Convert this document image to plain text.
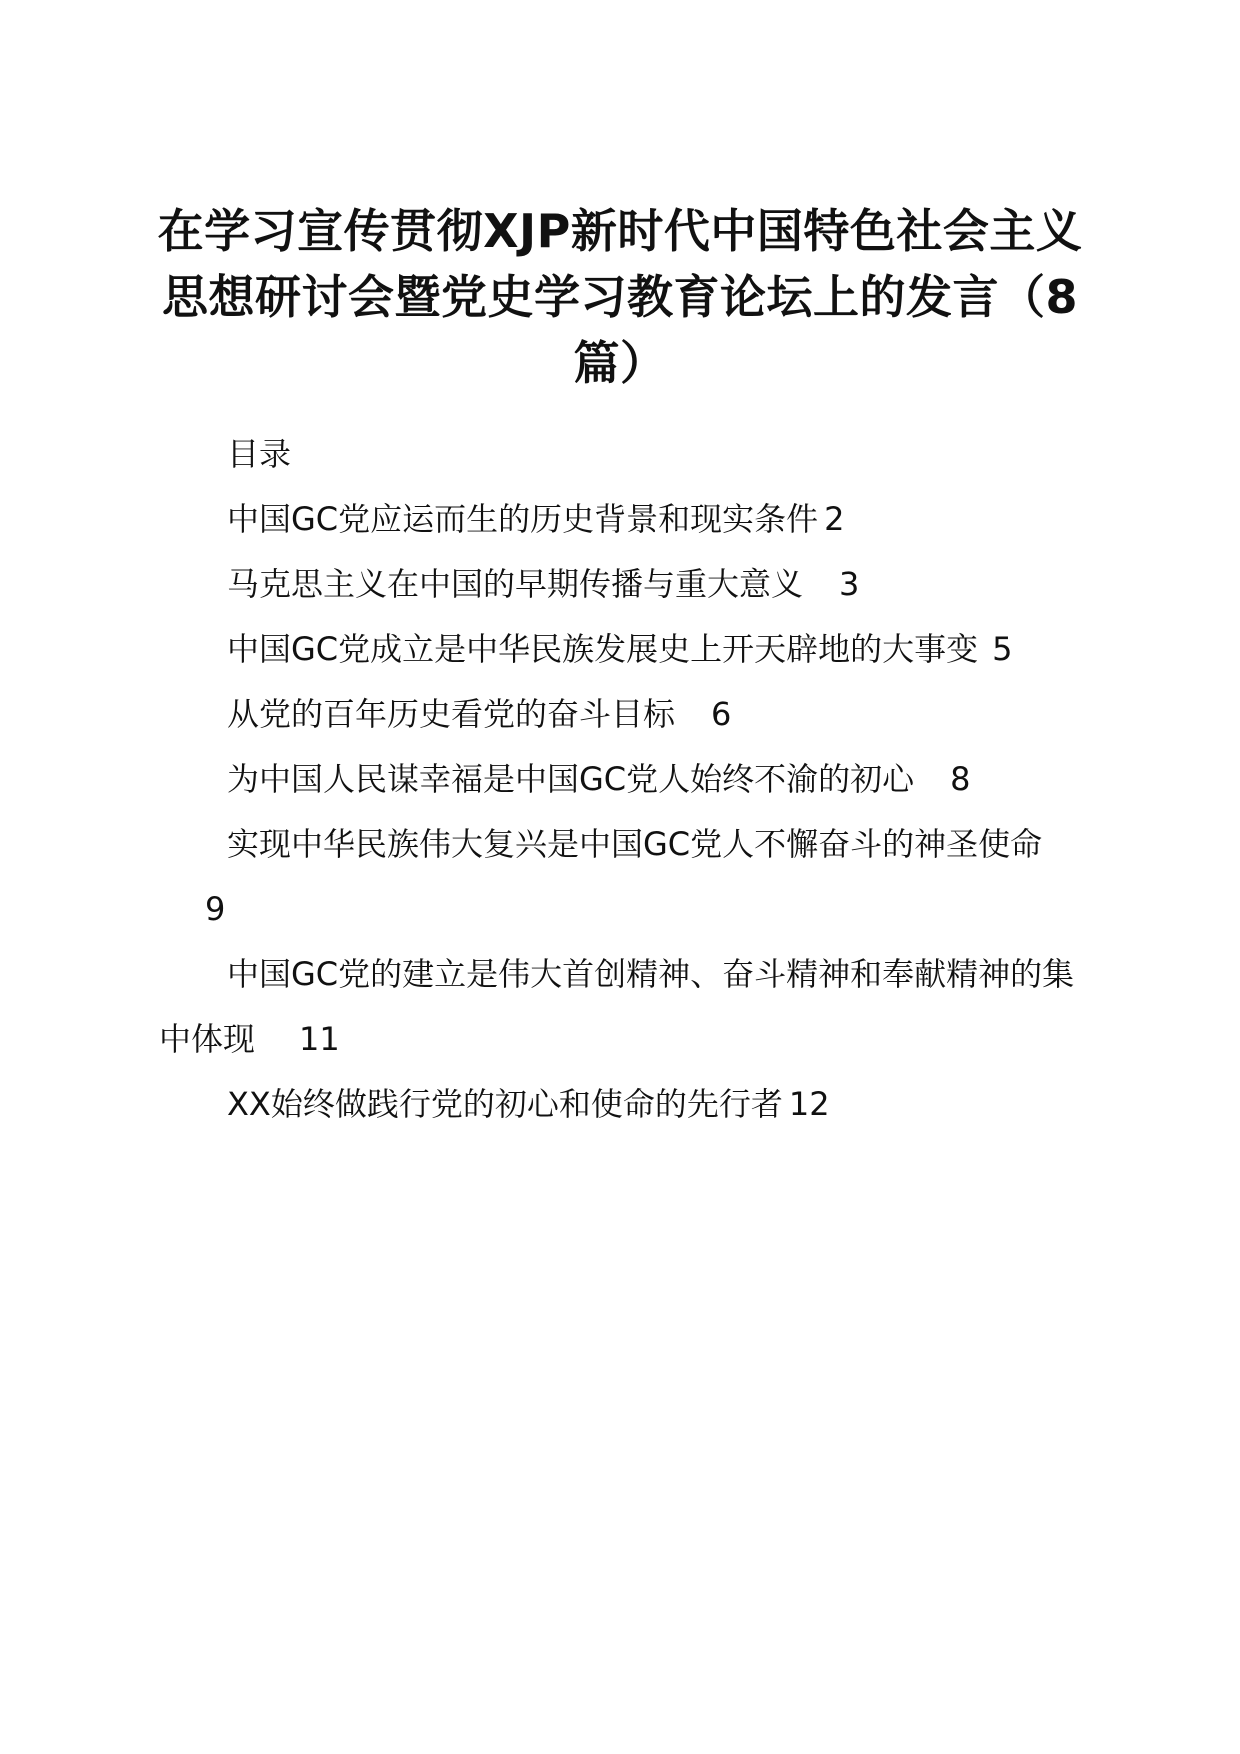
在学习宣传贯彻XJP新时代中国特色社会主义思想研讨会暨党史学习教育论坛上的发言（8篇）

目录

中国GC党应运而生的历史背景和现实条件 2

马克思主义在中国的早期传播与重大意义 3

中国GC党成立是中华民族发展史上开天辟地的大事变 5

从党的百年历史看党的奋斗目标 6

为中国人民谋幸福是中国GC党人始终不渝的初心 8

实现中华民族伟大复兴是中国GC党人不懈奋斗的神圣使命
9

中国GC党的建立是伟大首创精神、奋斗精神和奉献精神的集中体现 11

XX始终做践行党的初心和使命的先行者 12
